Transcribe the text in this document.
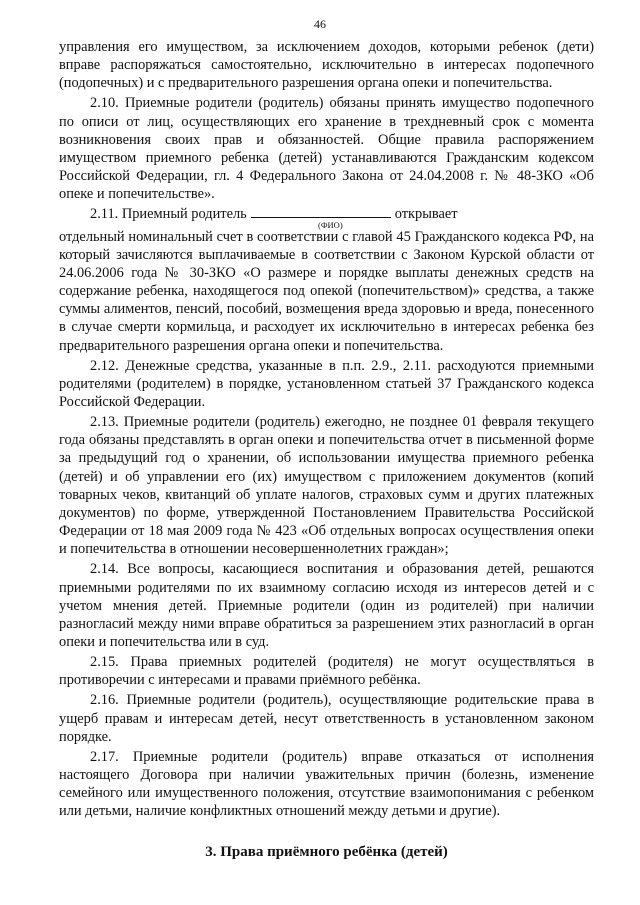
46

управления его имуществом, за исключением доходов, которыми ребенок (дети) вправе распоряжаться самостоятельно, исключительно в интересах подопечного (подопечных) и с предварительного разрешения органа опеки и попечительства.

2.10. Приемные родители (родитель) обязаны принять имущество подопечного по описи от лиц, осуществляющих его хранение в трехдневный срок с момента возникновения своих прав и обязанностей. Общие правила распоряжением имуществом приемного ребенка (детей) устанавливаются Гражданским кодексом Российской Федерации, гл. 4 Федерального Закона от 24.04.2008 г. № 48-ЗКО «Об опеке и попечительстве».

2.11. Приемный родитель	открывает

(ФИО)

отдельный номинальный счет в соответствии с главой 45 Гражданского кодекса РФ, на который зачисляются выплачиваемые в соответствии с Законом Курской области от 24.06.2006 года № 30-ЗКО «О размере и порядке выплаты денежных средств на содержание ребенка, находящегося под опекой (попечительством)» средства, а также суммы алиментов, пенсий, пособий, возмещения вреда здоровью и вреда, понесенного в случае смерти кормильца, и расходует их исключительно в интересах ребенка без предварительного разрешения органа опеки и попечительства.

2.12. Денежные средства, указанные в п.п. 2.9., 2.11. расходуются приемными родителями (родителем) в порядке, установленном статьей 37 Гражданского кодекса Российской Федерации.

2.13. Приемные родители (родитель) ежегодно, не позднее 01 февраля текущего года обязаны представлять в орган опеки и попечительства отчет в письменной форме за предыдущий год о хранении, об использовании имущества приемного ребенка (детей) и об управлении его (их) имуществом с приложением документов (копий товарных чеков, квитанций об уплате налогов, страховых сумм и других платежных документов) по форме, утвержденной Постановлением Правительства Российской Федерации от 18 мая 2009 года № 423 «Об отдельных вопросах осуществления опеки и попечительства в отношении несовершеннолетних граждан»;

2.14. Все вопросы, касающиеся воспитания и образования детей, решаются приемными родителями по их взаимному согласию исходя из интересов детей и с учетом мнения детей. Приемные родители (один из родителей) при наличии разногласий между ними вправе обратиться за разрешением этих разногласий в орган опеки и попечительства или в суд.

2.15. Права приемных родителей (родителя) не могут осуществляться в противоречии с интересами и правами приёмного ребёнка.

2.16. Приемные родители (родитель), осуществляющие родительские права в ущерб правам и интересам детей, несут ответственность в установленном законом порядке.

2.17. Приемные родители (родитель) вправе отказаться от исполнения настоящего Договора при наличии уважительных причин (болезнь, изменение семейного или имущественного положения, отсутствие взаимопонимания с ребенком или детьми, наличие конфликтных отношений между детьми и другие).

3. Права приёмного ребёнка (детей)
